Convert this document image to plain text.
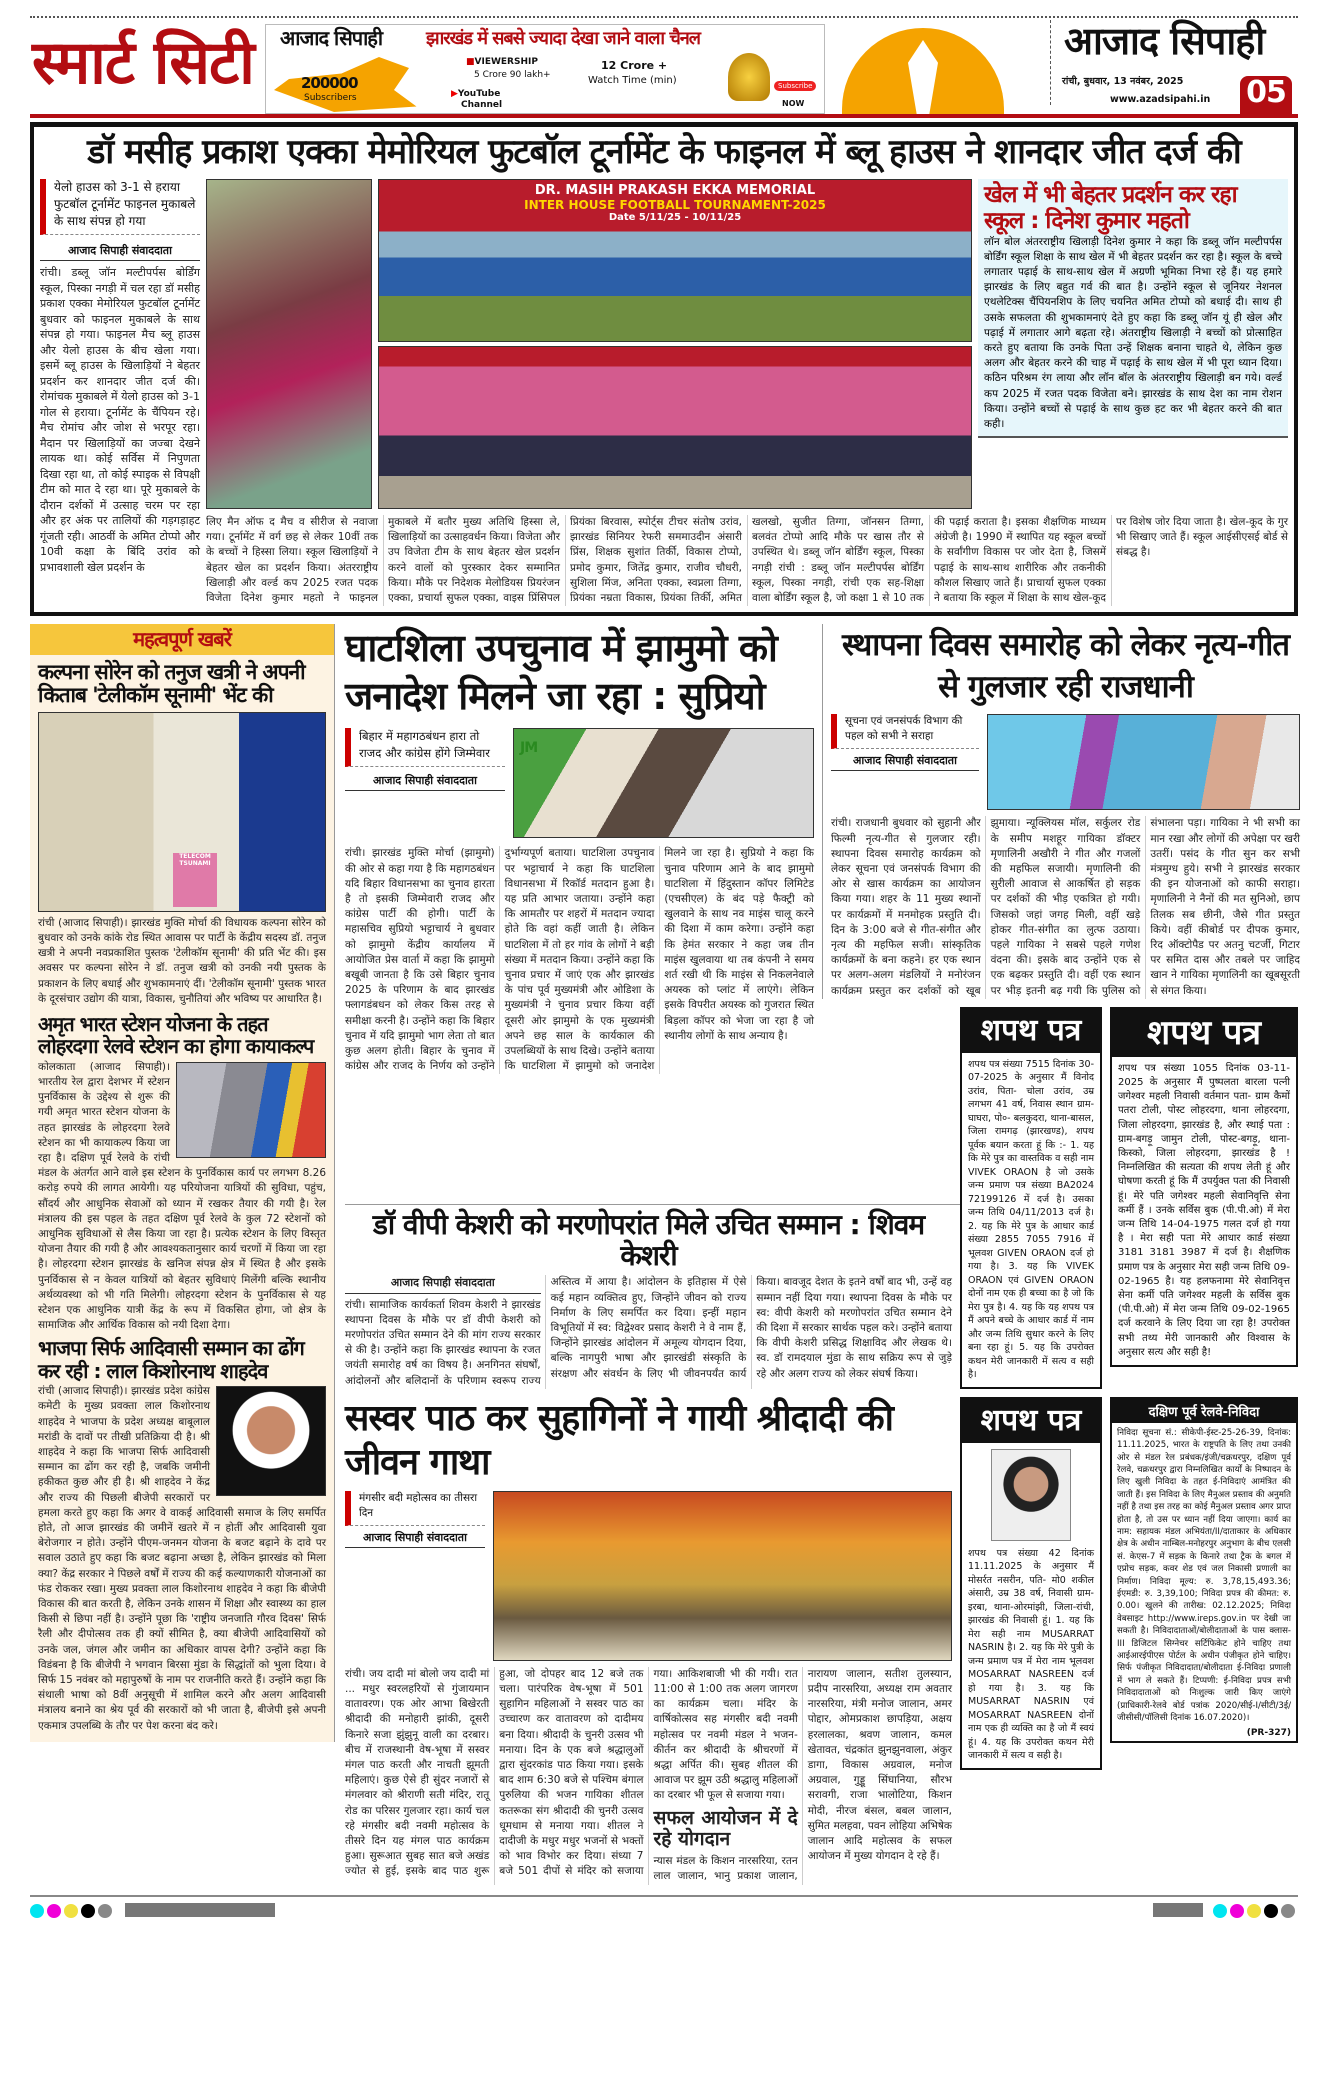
स्मार्ट सिटी आजाद सिपाही झारखंड में सबसे ज्यादा देखा जाने वाला चैनल
200000
Subscribers
■VIEWERSHIP
5 Crore 90 lakh+
12 Crore +
Watch Time (min)
▶YouTube
Channel
Subscribe
NOW
आजाद सिपाही
रांची, बुधवार, 13 नवंबर, 2025
www.azadsipahi.in 05
डॉ मसीह प्रकाश एक्का मेमोरियल फुटबॉल टूर्नामेंट के फाइनल में ब्लू हाउस ने शानदार जीत दर्ज की
येलो हाउस को 3-1 से हराया फुटबॉल टूर्नामेंट फाइनल मुकाबले के साथ संपन्न हो गया
आजाद सिपाही संवाददाता
रांची। डब्लू जॉन मल्टीपर्पस बोर्डिंग स्कूल, पिस्का नगड़ी में चल रहा डॉ मसीह प्रकाश एक्का मेमोरियल फुटबॉल टूर्नामेंट बुधवार को फाइनल मुकाबले के साथ संपन्न हो गया। फाइनल मैच ब्लू हाउस और येलो हाउस के बीच खेला गया। इसमें ब्लू हाउस के खिलाड़ियों ने बेहतर प्रदर्शन कर शानदार जीत दर्ज की। रोमांचक मुकाबले में येलो हाउस को 3-1 गोल से हराया। टूर्नामेंट के चैंपियन रहे। मैच रोमांच और जोश से भरपूर रहा। मैदान पर खिलाड़ियों का जज्बा देखने लायक था। कोई सर्विस में निपुणता दिखा रहा था, तो कोई स्पाइक से विपक्षी टीम को मात दे रहा था। पूरे मुकाबले के दौरान दर्शकों में उत्साह चरम पर रहा और हर अंक पर तालियों की गड़गड़ाहट गूंजती रही। आठवीं के अमित टोप्पो और 10वी कक्षा के बिंदि उरांव को प्रभावशाली खेल प्रदर्शन के
DR. MASIH PRAKASH EKKA MEMORIAL
INTER HOUSE FOOTBALL TOURNAMENT-2025
Date 5/11/25 - 10/11/25
खेल में भी बेहतर प्रदर्शन कर रहा स्कूल : दिनेश कुमार महतो
लॉन बोल अंतरराष्ट्रीय खिलाड़ी दिनेश कुमार ने कहा कि डब्लू जॉन मल्टीपर्पस बोर्डिंग स्कूल शिक्षा के साथ खेल में भी बेहतर प्रदर्शन कर रहा है। स्कूल के बच्चे लगातार पढ़ाई के साथ-साथ खेल में अग्रणी भूमिका निभा रहे हैं। यह हमारे झारखंड के लिए बहुत गर्व की बात है। उन्होंने स्कूल से जूनियर नेशनल एथलेटिक्स चैंपियनशिप के लिए चयनित अमित टोप्पो को बधाई दी। साथ ही उसके सफलता की शुभकामनाएं देते हुए कहा कि डब्लू जॉन यूं ही खेल और पढ़ाई में लगातार आगे बढ़ता रहे। अंतराष्ट्रीय खिलाड़ी ने बच्चों को प्रोत्साहित करते हुए बताया कि उनके पिता उन्हें शिक्षक बनाना चाहते थे, लेकिन कुछ अलग और बेहतर करने की चाह में पढ़ाई के साथ खेल में भी पूरा ध्यान दिया। कठिन परिश्रम रंग लाया और लॉन बॉल के अंतरराष्ट्रीय खिलाड़ी बन गये। वर्ल्ड कप 2025 में रजत पदक विजेता बने। झारखंड के साथ देश का नाम रोशन किया। उन्होंने बच्चों से पढ़ाई के साथ कुछ हट कर भी बेहतर करने की बात कही।
लिए मैन ऑफ द मैच व सीरीज से नवाजा गया। टूर्नामेंट में वर्ग छह से लेकर 10वीं तक के बच्चों ने हिस्सा लिया। स्कूल खिलाड़ियों ने बेहतर खेल का प्रदर्शन किया। अंतरराष्ट्रीय खिलाड़ी और वर्ल्ड कप 2025 रजत पदक विजेता दिनेश कुमार महतो ने फाइनल मुकाबले में बतौर मुख्य अतिथि हिस्सा ले, खिलाड़ियों का उत्साहवर्धन किया। विजेता और उप विजेता टीम के साथ बेहतर खेल प्रदर्शन करने वालों को पुरस्कार देकर सम्मानित किया। मौके पर निदेशक मेलोडियस प्रियरंजन एक्का, प्रचार्या सुफल एक्का, वाइस प्रिंसिपल प्रियंका बिरवास, स्पोर्ट्स टीचर संतोष उरांव, झारखंड सिनियर रेफरी सममाउदीन अंसारी प्रिंस, शिक्षक सुशांत तिर्की, विकास टोप्पो, प्रमोद कुमार, जितेंद्र कुमार, राजीव चौधरी, सुशिला मिंज, अनिता एक्का, स्वप्नला तिग्गा, प्रियंका नम्रता विकास, प्रियंका तिर्की, अमित खलखो, सुजीत तिग्गा, जॉनसन तिग्गा, बलवंत टोप्पो आदि मौके पर खास तौर से उपस्थित थे। डब्लू जॉन बोर्डिंग स्कूल, पिस्का नगड़ी रांची : डब्लू जॉन मल्टीपर्पस बोर्डिंग स्कूल, पिस्का नगड़ी, रांची एक सह-शिक्षा वाला बोर्डिंग स्कूल है, जो कक्षा 1 से 10 तक की पढ़ाई कराता है। इसका शैक्षणिक माध्यम अंग्रेजी है। 1990 में स्थापित यह स्कूल बच्चों के सर्वांगीण विकास पर जोर देता है, जिसमें पढ़ाई के साथ-साथ शारीरिक और तकनीकी कौशल सिखाए जाते हैं। प्राचार्या सुफल एक्का ने बताया कि स्कूल में शिक्षा के साथ खेल-कूद पर विशेष जोर दिया जाता है। खेल-कूद के गुर भी सिखाए जाते हैं। स्कूल आईसीएसई बोर्ड से संबद्ध है।
महत्वपूर्ण खबरें
कल्पना सोरेन को तनुज खत्री ने अपनी किताब 'टेलीकॉम सूनामी' भेंट की
TELECOM TSUNAMI
रांची (आजाद सिपाही)। झारखंड मुक्ति मोर्चा की विधायक कल्पना सोरेन को बुधवार को उनके कांके रोड स्थित आवास पर पार्टी के केंद्रीय सदस्य डॉ. तनुज खत्री ने अपनी नवप्रकाशित पुस्तक 'टेलीकॉम सूनामी' की प्रति भेंट की। इस अवसर पर कल्पना सोरेन ने डॉ. तनुज खत्री को उनकी नयी पुस्तक के प्रकाशन के लिए बधाई और शुभकामनाएं दीं। 'टेलीकॉम सूनामी' पुस्तक भारत के दूरसंचार उद्योग की यात्रा, विकास, चुनौतियां और भविष्य पर आधारित है।
अमृत भारत स्टेशन योजना के तहत लोहरदगा रेलवे स्टेशन का होगा कायाकल्प
कोलकाता (आजाद सिपाही)। भारतीय रेल द्वारा देशभर में स्टेशन पुनर्विकास के उद्देश्य से शुरू की गयी अमृत भारत स्टेशन योजना के तहत झारखंड के लोहरदगा रेलवे स्टेशन का भी कायाकल्प किया जा रहा है। दक्षिण पूर्व रेलवे के रांची मंडल के अंतर्गत आने वाले इस स्टेशन के पुनर्विकास कार्य पर लगभग 8.26 करोड़ रुपये की लागत आयेगी। यह परियोजना यात्रियों की सुविधा, पहुंच, सौंदर्य और आधुनिक सेवाओं को ध्यान में रखकर तैयार की गयी है। रेल मंत्रालय की इस पहल के तहत दक्षिण पूर्व रेलवे के कुल 72 स्टेशनों को आधुनिक सुविधाओं से लैस किया जा रहा है। प्रत्येक स्टेशन के लिए विस्तृत योजना तैयार की गयी है और आवश्यकतानुसार कार्य चरणों में किया जा रहा है। लोहरदगा स्टेशन झारखंड के खनिज संपन्न क्षेत्र में स्थित है और इसके पुनर्विकास से न केवल यात्रियों को बेहतर सुविधाएं मिलेंगी बल्कि स्थानीय अर्थव्यवस्था को भी गति मिलेगी। लोहरदगा स्टेशन के पुनर्विकास से यह स्टेशन एक आधुनिक यात्री केंद्र के रूप में विकसित होगा, जो क्षेत्र के सामाजिक और आर्थिक विकास को नयी दिशा देगा।
भाजपा सिर्फ आदिवासी सम्मान का ढोंग कर रही : लाल किशोरनाथ शाहदेव
रांची (आजाद सिपाही)। झारखंड प्रदेश कांग्रेस कमेटी के मुख्य प्रवक्ता लाल किशोरनाथ शाहदेव ने भाजपा के प्रदेश अध्यक्ष बाबूलाल मरांडी के दावों पर तीखी प्रतिक्रिया दी है। श्री शाहदेव ने कहा कि भाजपा सिर्फ आदिवासी सम्मान का ढोंग कर रही है, जबकि जमीनी हकीकत कुछ और ही है। श्री शाहदेव ने केंद्र और राज्य की पिछली बीजेपी सरकारों पर हमला करते हुए कहा कि अगर वे वाकई आदिवासी समाज के लिए समर्पित होते, तो आज झारखंड की जमीनें खतरे में न होतीं और आदिवासी युवा बेरोजगार न होते। उन्होंने पीएम-जनमन योजना के बजट बढ़ाने के दावे पर सवाल उठाते हुए कहा कि बजट बढ़ाना अच्छा है, लेकिन झारखंड को मिला क्या? केंद्र सरकार ने पिछले वर्षों में राज्य की कई कल्याणकारी योजनाओं का फंड रोककर रखा। मुख्य प्रवक्ता लाल किशोरनाथ शाहदेव ने कहा कि बीजेपी विकास की बात करती है, लेकिन उनके शासन में शिक्षा और स्वास्थ्य का हाल किसी से छिपा नहीं है। उन्होंने पूछा कि 'राष्ट्रीय जनजाति गौरव दिवस' सिर्फ रैली और दीपोत्सव तक ही क्यों सीमित है, क्या बीजेपी आदिवासियों को उनके जल, जंगल और जमीन का अधिकार वापस देगी? उन्होंने कहा कि विडंबना है कि बीजेपी ने भगवान बिरसा मुंडा के सिद्धांतों को भुला दिया। वे सिर्फ 15 नवंबर को महापुरुषों के नाम पर राजनीति करते हैं। उन्होंने कहा कि संथाली भाषा को 8वीं अनुसूची में शामिल करने और अलग आदिवासी मंत्रालय बनाने का श्रेय पूर्व की सरकारों को भी जाता है, बीजेपी इसे अपनी एकमात्र उपलब्धि के तौर पर पेश करना बंद करे।
घाटशिला उपचुनाव में झामुमो को जनादेश मिलने जा रहा : सुप्रियो
बिहार में महागठबंधन हारा तो राजद और कांग्रेस होंगे जिम्मेवार
आजाद सिपाही संवाददाता
JM
रांची। झारखंड मुक्ति मोर्चा (झामुमो) की ओर से कहा गया है कि महागठबंधन यदि बिहार विधानसभा का चुनाव हारता है तो इसकी जिम्मेवारी राजद और कांग्रेस पार्टी की होगी। पार्टी के महासचिव सुप्रियो भट्टाचार्य ने बुधवार को झामुमो केंद्रीय कार्यालय में आयोजित प्रेस वार्ता में कहा कि झामुमो बखूबी जानता है कि उसे बिहार चुनाव 2025 के परिणाम के बाद झारखंड फ्लागडंबधन को लेकर किस तरह से समीक्षा करनी है। उन्होंने कहा कि बिहार चुनाव में यदि झामुमो भाग लेता तो बात कुछ अलग होती। बिहार के चुनाव में कांग्रेस और राजद के निर्णय को उन्होंने दुर्भाग्यपूर्ण बताया। घाटशिला उपचुनाव पर भट्टाचार्य ने कहा कि घाटशिला विधानसभा में रिकॉर्ड मतदान हुआ है। यह प्रति आभार जताया। उन्होंने कहा कि आमतौर पर शहरों में मतदान ज्यादा होते कि वहां कहीं जाती है। लेकिन घाटशिला में तो हर गांव के लोगों ने बड़ी संख्या में मतदान किया। उन्होंने कहा कि चुनाव प्रचार में जाएं एक और झारखंड के पांच पूर्व मुख्यमंत्री और ओडिशा के मुख्यमंत्री ने चुनाव प्रचार किया वहीं दूसरी ओर झामुमो के एक मुख्यमंत्री अपने छह साल के कार्यकाल की उपलब्धियों के साथ दिखे। उन्होंने बताया कि घाटशिला में झामुमो को जनादेश मिलने जा रहा है। सुप्रियो ने कहा कि चुनाव परिणाम आने के बाद झामुमो घाटशिला में हिंदुस्तान कॉपर लिमिटेड (एचसीएल) के बंद पड़े फैक्ट्री को खुलवाने के साथ नव माइंस चालू करने की दिशा में काम करेगा। उन्होंने कहा कि हेमंत सरकार ने कहा जब तीन माइंस खुलवाया था तब कंपनी ने समय शर्त रखी थी कि माइंस से निकलनेवाले अयस्क को प्लांट में लाएंगे। लेकिन इसके विपरीत अयस्क को गुजरात स्थित बिड़ला कॉपर को भेजा जा रहा है जो स्थानीय लोगों के साथ अन्याय है।
स्थापना दिवस समारोह को लेकर नृत्य-गीत से गुलजार रही राजधानी
सूचना एवं जनसंपर्क विभाग की पहल को सभी ने सराहा
आजाद सिपाही संवाददाता
रांची। राजधानी बुधवार को सुहानी और फिल्मी नृत्य-गीत से गुलजार रही। स्थापना दिवस समारोह कार्यक्रम को लेकर सूचना एवं जनसंपर्क विभाग की ओर से खास कार्यक्रम का आयोजन किया गया। शहर के 11 मुख्य स्थानों पर कार्यक्रमों में मनमोहक प्रस्तुति दी। दिन के 3:00 बजे से गीत-संगीत और नृत्य की महफिल सजी। सांस्कृतिक कार्यक्रमों के बना कहने। हर एक स्थान पर अलग-अलग मंडलियों ने मनोरंजन कार्यक्रम प्रस्तुत कर दर्शकों को खूब झुमाया। न्यूक्लियस मॉल, सर्कुलर रोड के समीप मशहूर गायिका डॉक्टर मृणालिनी अखौरी ने गीत और गजलों की महफिल सजायी। मृणालिनी की सुरीली आवाज से आकर्षित हो सड़क पर दर्शकों की भीड़ एकत्रित हो गयी। जिसको जहां जगह मिली, वहीं खड़े होकर गीत-संगीत का लुत्फ उठाया। पहले गायिका ने सबसे पहले गणेश वंदना की। इसके बाद उन्होंने एक से एक बढ़कर प्रस्तुति दी। वहीं एक स्थान पर भीड़ इतनी बढ़ गयी कि पुलिस को संभालना पड़ा। गायिका ने भी सभी का मान रखा और लोगों की अपेक्षा पर खरी उतरीं। पसंद के गीत सुन कर सभी मंत्रमुग्ध हुये। सभी ने झारखंड सरकार की इन योजनाओं को काफी सराहा। मृणालिनी ने नैनों की मत सुनिओ, छाप तिलक सब छीनी, जैसे गीत प्रस्तुत किये। वहीं कीबोर्ड पर दीपक कुमार, रिद ऑक्टोपैड पर अतनु चटर्जी, गिटार पर समित दास और तबले पर जाहिद खान ने गायिका मृणालिनी का खूबसूरती से संगत किया।
शपथ पत्र
शपथ पत्र संख्या 7515 दिनांक 30-07-2025 के अनुसार मैं विनोद उरांव, पिता- चोला उरांव, उम्र लगभग 41 वर्ष, निवास स्थान ग्राम-घाघरा, पो०- बलकुदरा, थाना-बासल, जिला रामगढ़ (झारखण्ड), शपथ पूर्वक बयान करता हूं कि :- 1. यह कि मेरे पुत्र का वास्तविक व सही नाम VIVEK ORAON है जो उसके जन्म प्रमाण पत्र संख्या BA2024 72199126 में दर्ज है। उसका जन्म तिथि 04/11/2013 दर्ज है। 2. यह कि मेरे पुत्र के आधार कार्ड संख्या 2855 7055 7916 में भूलवश GIVEN ORAON दर्ज हो गया है। 3. यह कि VIVEK ORAON एवं GIVEN ORAON दोनों नाम एक ही बच्चा का है जो कि मेरा पुत्र है। 4. यह कि यह शपथ पत्र मैं अपने बच्चे के आधार कार्ड में नाम और जन्म तिथि सुधार करने के लिए बना रहा हूं। 5. यह कि उपरोक्त कथन मेरी जानकारी में सत्य व सही है।
शपथ पत्र
शपथ पत्र संख्या 1055 दिनांक 03-11-2025 के अनुसार मैं पुष्पलता बारला पत्नी जगेश्वर महली निवासी वर्तमान पता- ग्राम कैमों पतरा टोली, पोस्ट लोहरदगा, थाना लोहरदगा, जिला लोहरदगा, झारखंड है, और स्थाई पता : ग्राम-बगड़ू जामुन टोली, पोस्ट-बगड़ू, थाना- किस्को, जिला लोहरदगा, झारखंड है ! निम्नलिखित की सत्यता की शपथ लेती हूं और घोषणा करती हूं कि मैं उपर्युक्त पता की निवासी हूं। मेरे पति जगेश्वर महली सेवानिवृत्ति सेना कर्मी हैं । उनके सर्विस बुक (पी.पी.ओ) में मेरा जन्म तिथि 14-04-1975 गलत दर्ज हो गया है । मेरा सही पता मेरे आधार कार्ड संख्या 3181 3181 3987 में दर्ज है। शैक्षणिक प्रमाण पत्र के अनुसार मेरा सही जन्म तिथि 09-02-1965 है। यह हलफनामा मेरे सेवानिवृत्त सेना कर्मी पति जगेश्वर महली के सर्विस बुक (पी.पी.ओ) में मेरा जन्म तिथि 09-02-1965 दर्ज करवाने के लिए दिया जा रहा है! उपरोक्त सभी तथ्य मेरी जानकारी और विश्वास के अनुसार सत्य और सही है!
डॉ वीपी केशरी को मरणोपरांत मिले उचित सम्मान : शिवम केशरी
आजाद सिपाही संवाददाता
रांची। सामाजिक कार्यकर्ता शिवम केशरी ने झारखंड स्थापना दिवस के मौके पर डॉ वीपी केशरी को मरणोपरांत उचित सम्मान देने की मांग राज्य सरकार से की है। उन्होंने कहा कि झारखंड स्थापना के रजत जयंती समारोह वर्ष का विषय है। अनगिनत संघर्षों, आंदोलनों और बलिदानों के परिणाम स्वरूप राज्य अस्तित्व में आया है। आंदोलन के इतिहास में ऐसे कई महान व्यक्तित्व हुए, जिन्होंने जीवन को राज्य निर्माण के लिए समर्पित कर दिया। इन्हीं महान विभूतियों में स्व: विद्वेश्वर प्रसाद केशरी ने वे नाम हैं, जिन्होंने झारखंड आंदोलन में अमूल्य योगदान दिया, बल्कि नागपुरी भाषा और झारखंडी संस्कृति के संरक्षण और संवर्धन के लिए भी जीवनपर्यंत कार्य किया। बावजूद देशत के इतने वर्षों बाद भी, उन्हें वह सम्मान नहीं दिया गया। स्थापना दिवस के मौके पर स्व: वीपी केशरी को मरणोपरांत उचित सम्मान देने की दिशा में सरकार सार्थक पहल करे। उन्होंने बताया कि वीपी केशरी प्रसिद्ध शिक्षाविद और लेखक थे। स्व. डॉ रामदयाल मुंडा के साथ सक्रिय रूप से जुड़े रहे और अलग राज्य को लेकर संघर्ष किया।
सस्वर पाठ कर सुहागिनों ने गायी श्रीदादी की जीवन गाथा
मंगसीर बदी महोत्सव का तीसरा दिन
आजाद सिपाही संवाददाता
रांची। जय दादी मां बोलो जय दादी मां ... मधुर स्वरलहरियों से गुंजायमान वातावरण। एक ओर आभा बिखेरती श्रीदादी की मनोहारी झांकी, दूसरी किनारे सजा झुंझुनू वाली का दरबार। बीच में राजस्थानी वेष-भूषा में सस्वर मंगल पाठ करती और नाचती झूमती महिलाएं। कुछ ऐसे ही सुंदर नजारों से मंगलवार को श्रीराणी सती मंदिर, रातू रोड का परिसर गुलजार रहा। कार्य चल रहे मंगसीर बदी नवमी महोत्सव के तीसरे दिन यह मंगल पाठ कार्यक्रम हुआ। सुरूआत सुबह सात बजे अखंड ज्योत से हुई, इसके बाद पाठ शुरू हुआ, जो दोपहर बाद 12 बजे तक चला। पारंपरिक वेष-भूषा में 501 सुहागिन महिलाओं ने सस्वर पाठ का उच्चारण कर वातावरण को दादीमय बना दिया। श्रीदादी के चुनरी उत्सव भी मनाया। दिन के एक बजे श्रद्धालुओं द्वारा सुंदरकांड पाठ किया गया। इसके बाद शाम 6:30 बजे से पश्चिम बंगाल पुरुलिया की भजन गायिका शीतल कतरूका संग श्रीदादी की चुनरी उत्सव धूमधाम से मनाया गया। शीतल ने दादीजी के मधुर मधुर भजनों से भक्तों को भाव विभोर कर दिया। संध्या 7 बजे 501 दीपों से मंदिर को सजाया गया। आकिशबाजी भी की गयी। रात 11:00 से 1:00 तक अलग जागरण का कार्यक्रम चला। मंदिर के वार्षिकोत्सव सह मंगसीर बदी नवमी महोत्सव पर नवमी मंडल ने भजन-कीर्तन कर श्रीदादी के श्रीचरणों में श्रद्धा अर्पित की। सुबह शीतल की आवाज पर झूम उठी श्रद्धालु महिलाओं का दरबार भी फूल से सजाया गया।
सफल आयोजन में दे रहे योगदान
न्यास मंडल के किशन नारसरिया, रतन लाल जालान, भानु प्रकाश जालान, नारायण जालान, सतीश तुलस्यान, प्रदीप नारसरिया, अध्यक्ष राम अवतार नारसरिया, मंत्री मनोज जालान, अमर पोद्दार, ओमप्रकाश छापड़िया, अक्षय हरलालका, श्रवण जालान, कमल खेतावत, चंद्रकांत झुनझुनवाला, अंकुर डागा, विकास अग्रवाल, मनोज अग्रवाल, गुड्डू सिंघानिया, सौरभ सरावगी, राजा भालोटिया, किशन मोदी, नीरज बंसल, बबल जालान, सुमित मलहवा, पवन लोहिया अभिषेक जालान आदि महोत्सव के सफल आयोजन में मुख्य योगदान दे रहे हैं।
शपथ पत्र
शपथ पत्र संख्या 42 दिनांक 11.11.2025 के अनुसार मैं मोसर्रत नसरीन, पति- मो0 शकील अंसारी, उम्र 38 वर्ष, निवासी ग्राम-इरबा, थाना-ओरमांझी, जिला-रांची, झारखंड की निवासी हूं। 1. यह कि मेरा सही नाम MUSARRAT NASRIN है। 2. यह कि मेरे पुत्री के जन्म प्रमाण पत्र में मेरा नाम भूलवश MOSARRAT NASREEN दर्ज हो गया है। 3. यह कि MUSARRAT NASRIN एवं MOSARRAT NASREEN दोनों नाम एक ही व्यक्ति का है जो मैं स्वयं हूं। 4. यह कि उपरोक्त कथन मेरी जानकारी में सत्य व सही है।
दक्षिण पूर्व रेलवे-निविदा
निविदा सूचना सं.: सीकेपी-ईस्ट-25-26-39, दिनांक: 11.11.2025, भारत के राष्ट्रपति के लिए तथा उनकी ओर से मंडल रेल प्रबंधक/इंजी/चक्रधरपुर, दक्षिण पूर्व रेलवे, चक्रधरपुर द्वारा निम्नलिखित कार्यों के निष्पादन के लिए खुली निविदा के तहत ई-निविदाएं आमंत्रित की जाती हैं। इस निविदा के लिए मैनुअल प्रस्ताव की अनुमति नहीं है तथा इस तरह का कोई मैनुअल प्रस्ताव अगर प्राप्त होता है, तो उस पर ध्यान नहीं दिया जाएगा। कार्य का नाम: सहायक मंडल अभियंता/II/दाताकार के अधिकार क्षेत्र के अधीन नाम्बिल-मनोहरपुर अनुभाग के बीच एलसी सं. केएस-7 में सड़क के किनारे तथा ट्रैक के बगल में एप्रोच सड़क, कवर शेड एवं जल निकासी प्रणाली का निर्माण। निविदा मूल्य: रु. 3,78,15,493.36; ईएमडी: रु. 3,39,100; निविदा प्रपत्र की कीमत: रु. 0.00। खुलने की तारीख: 02.12.2025; निविदा वेबसाइट http://www.ireps.gov.in पर देखी जा सकती है। निविदादाताओं/बोलीदाताओं के पास क्लास-III डिजिटल सिग्नेचर सर्टिफिकेट होने चाहिए तथा आईआरईपीएस पोर्टल के अधीन पंजीकृत होने चाहिए। सिर्फ पंजीकृत निविदादाता/बोलीदाता ई-निविदा प्रणाली में भाग ले सकते हैं। टिप्पणी: ई-निविदा प्रपत्र सभी निविदादाताओं को निःशुल्क जारी किए जाएंगे (प्राधिकारी-रेलवे बोर्ड पत्रांक 2020/सीई-I/सीटी/3ई/जीसीसी/पॉलिसी दिनांक 16.07.2020)।
(PR-327)
